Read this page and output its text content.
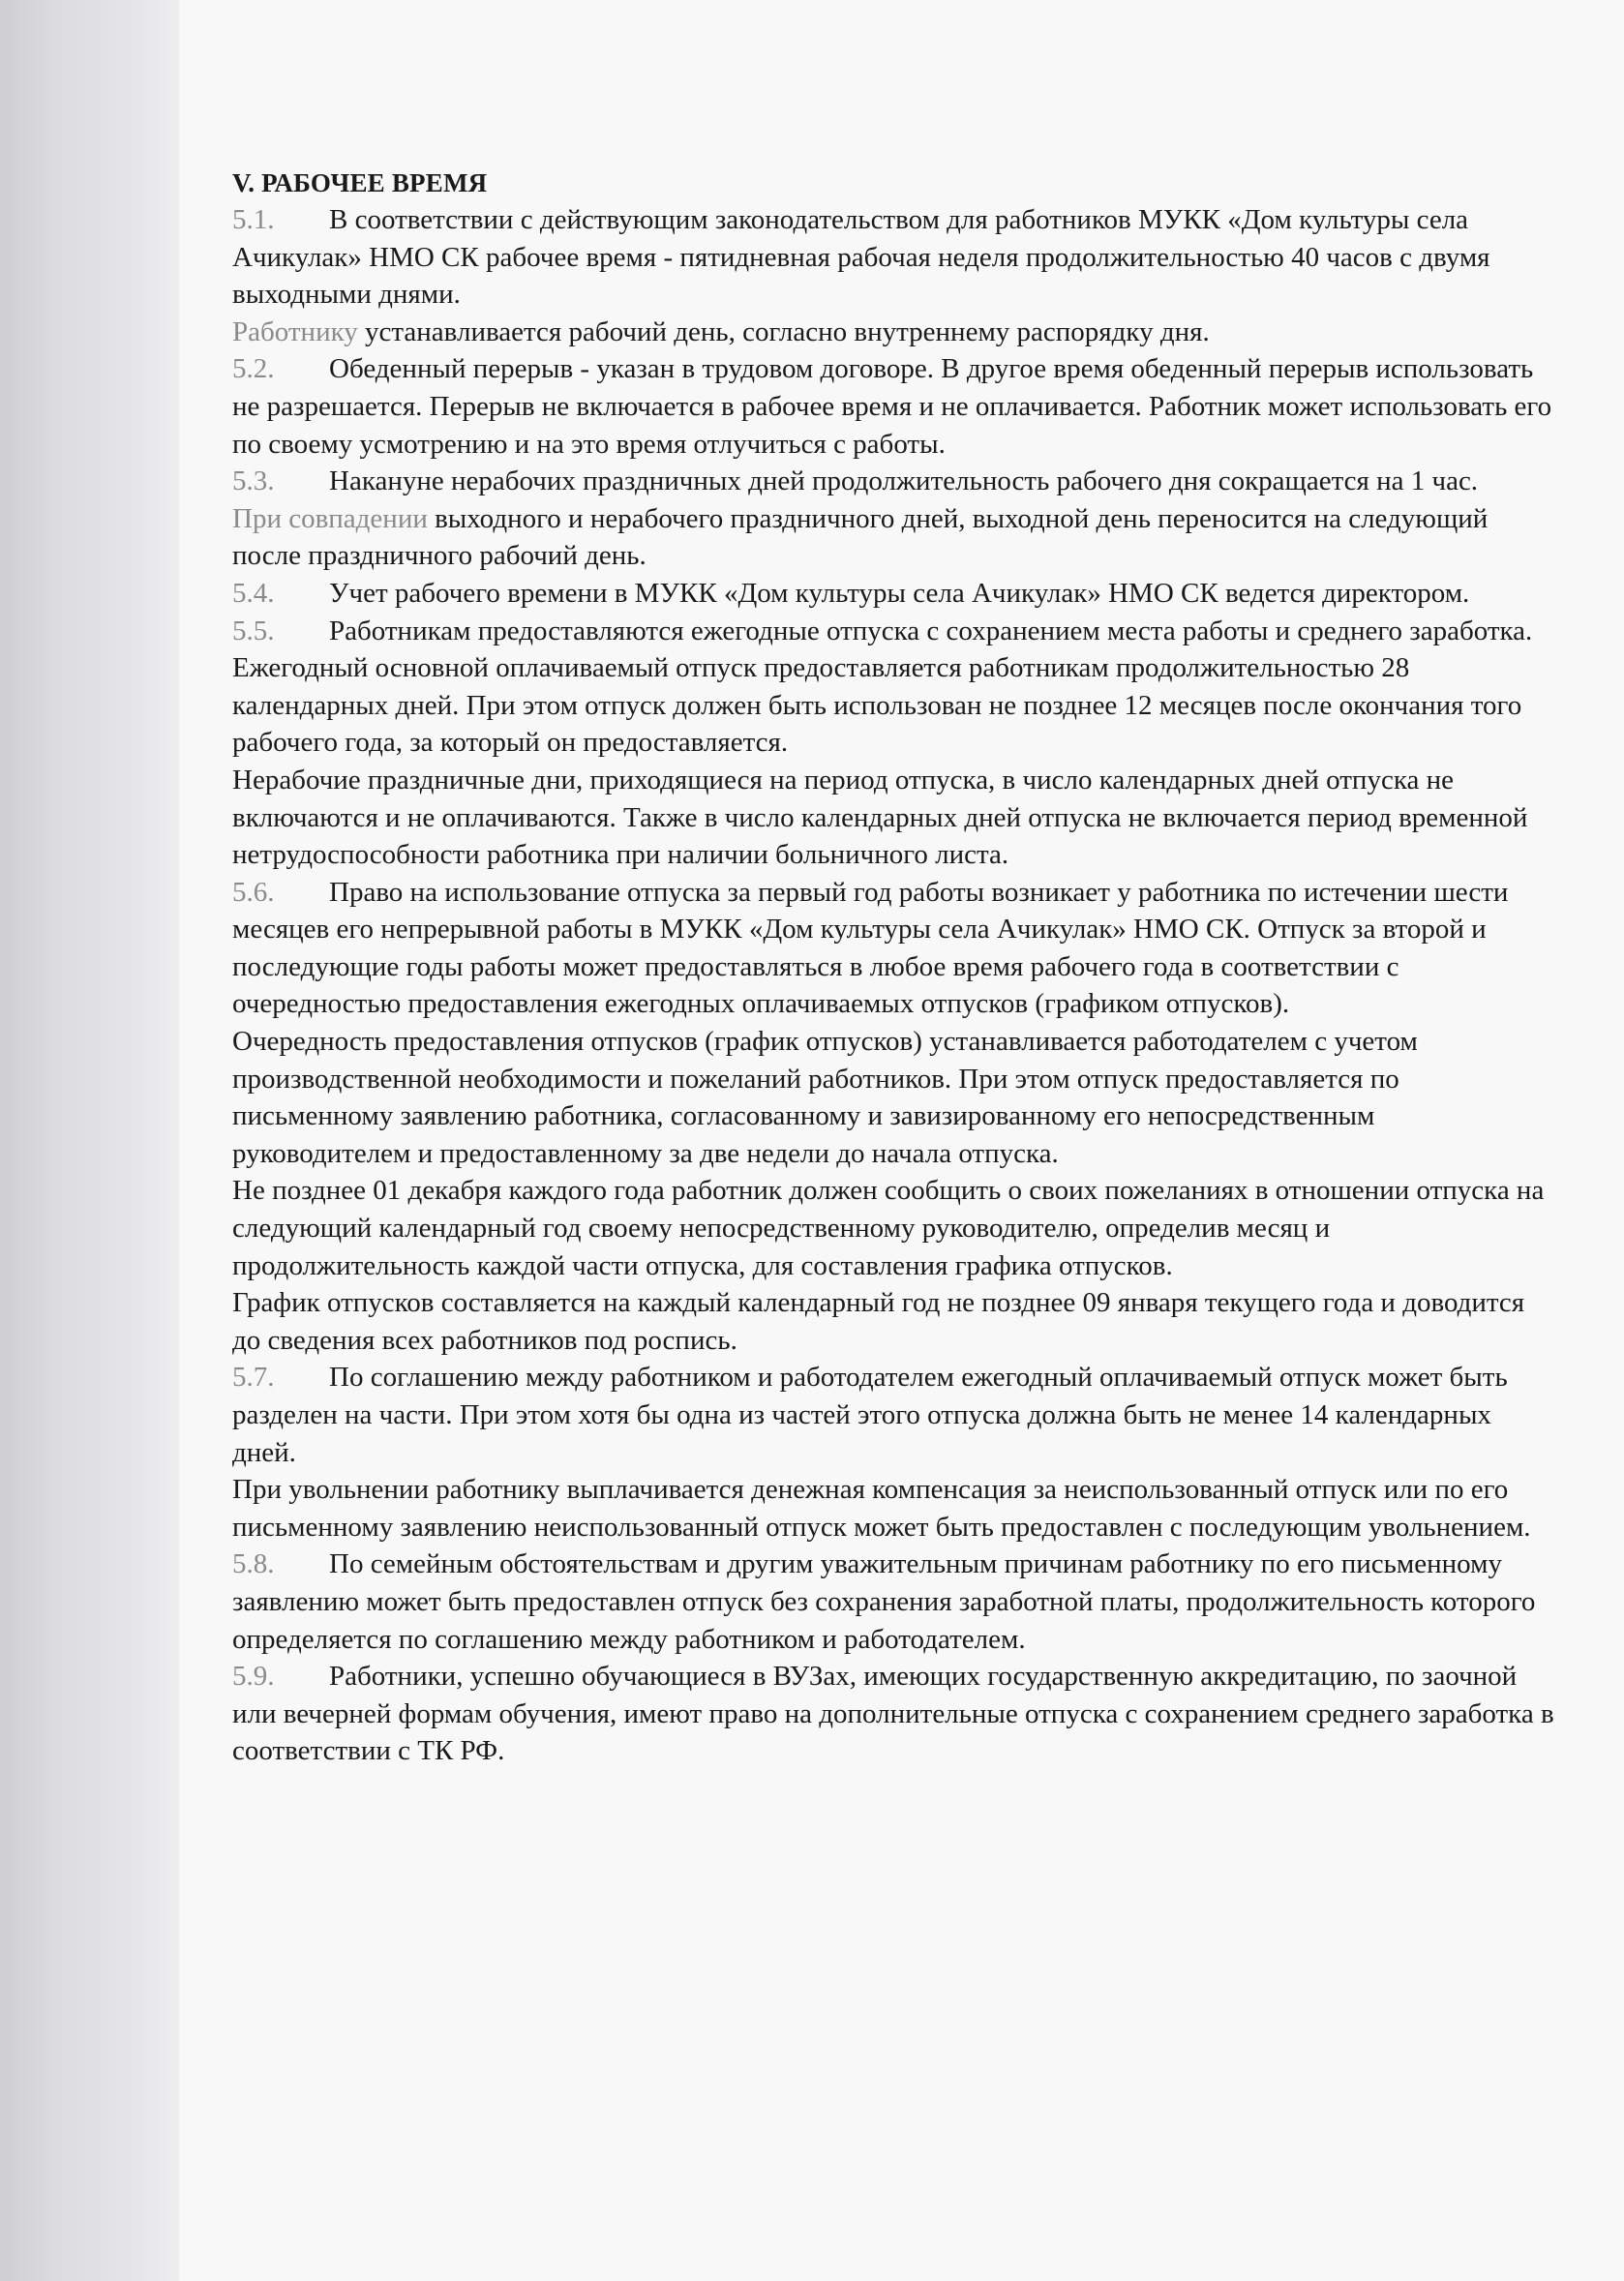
V. РАБОЧЕЕ ВРЕМЯ

5.1. В соответствии с действующим законодательством для работников МУКК «Дом культуры села Ачикулак» НМО СК рабочее время - пятидневная рабочая неделя продолжительностью 40 часов с двумя выходными днями.

Работнику устанавливается рабочий день, согласно внутреннему распорядку дня.

5.2. Обеденный перерыв - указан в трудовом договоре. В другое время обеденный перерыв использовать не разрешается. Перерыв не включается в рабочее время и не оплачивается. Работник может использовать его по своему усмотрению и на это время отлучиться с работы.

5.3. Накануне нерабочих праздничных дней продолжительность рабочего дня сокращается на 1 час.

При совпадении выходного и нерабочего праздничного дней, выходной день переносится на следующий после праздничного рабочий день.

5.4. Учет рабочего времени в МУКК «Дом культуры села Ачикулак» НМО СК ведется директором.

5.5. Работникам предоставляются ежегодные отпуска с сохранением места работы и среднего заработка.

Ежегодный основной оплачиваемый отпуск предоставляется работникам продолжительностью 28 календарных дней. При этом отпуск должен быть использован не позднее 12 месяцев после окончания того рабочего года, за который он предоставляется.

Нерабочие праздничные дни, приходящиеся на период отпуска, в число календарных дней отпуска не включаются и не оплачиваются. Также в число календарных дней отпуска не включается период временной нетрудоспособности работника при наличии больничного листа.

5.6. Право на использование отпуска за первый год работы возникает у работника по истечении шести месяцев его непрерывной работы в МУКК «Дом культуры села Ачикулак» НМО СК. Отпуск за второй и последующие годы работы может предоставляться в любое время рабочего года в соответствии с очередностью предоставления ежегодных оплачиваемых отпусков (графиком отпусков).

Очередность предоставления отпусков (график отпусков) устанавливается работодателем с учетом производственной необходимости и пожеланий работников. При этом отпуск предоставляется по письменному заявлению работника, согласованному и завизированному его непосредственным руководителем и предоставленному за две недели до начала отпуска.

Не позднее 01 декабря каждого года работник должен сообщить о своих пожеланиях в отношении отпуска на следующий календарный год своему непосредственному руководителю, определив месяц и продолжительность каждой части отпуска, для составления графика отпусков.

График отпусков составляется на каждый календарный год не позднее 09 января текущего года и доводится до сведения всех работников под роспись.

5.7. По соглашению между работником и работодателем ежегодный оплачиваемый отпуск может быть разделен на части. При этом хотя бы одна из частей этого отпуска должна быть не менее 14 календарных дней.

При увольнении работнику выплачивается денежная компенсация за неиспользованный отпуск или по его письменному заявлению неиспользованный отпуск может быть предоставлен с последующим увольнением.

5.8. По семейным обстоятельствам и другим уважительным причинам работнику по его письменному заявлению может быть предоставлен отпуск без сохранения заработной платы, продолжительность которого определяется по соглашению между работником и работодателем.

5.9. Работники, успешно обучающиеся в ВУЗах, имеющих государственную аккредитацию, по заочной или вечерней формам обучения, имеют право на дополнительные отпуска с сохранением среднего заработка в соответствии с ТК РФ.
